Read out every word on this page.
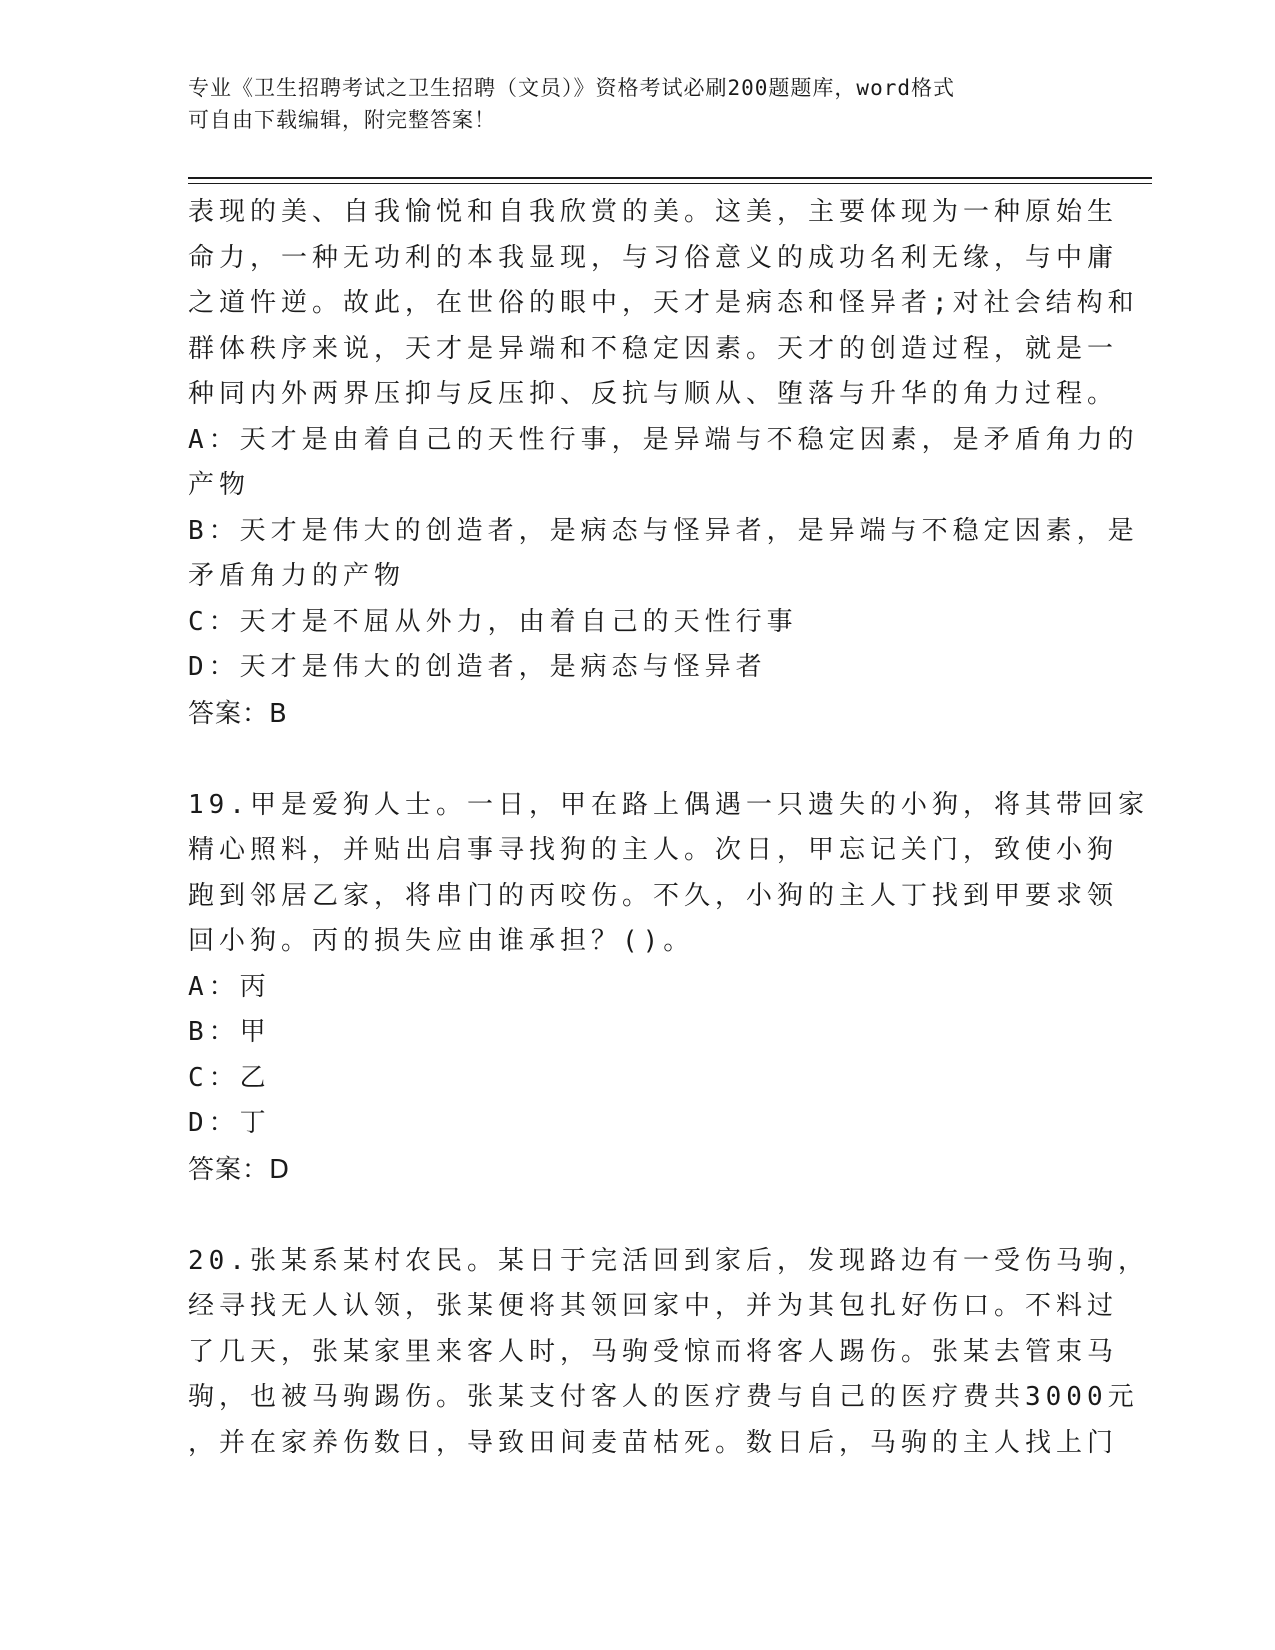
专业《卫生招聘考试之卫生招聘（文员）》资格考试必刷200题题库，word格式
可自由下载编辑，附完整答案！
表现的美、自我愉悦和自我欣赏的美。这美，主要体现为一种原始生
命力，一种无功利的本我显现，与习俗意义的成功名利无缘，与中庸
之道忤逆。故此，在世俗的眼中，天才是病态和怪异者;对社会结构和
群体秩序来说，天才是异端和不稳定因素。天才的创造过程，就是一
种同内外两界压抑与反压抑、反抗与顺从、堕落与升华的角力过程。
A：天才是由着自己的天性行事，是异端与不稳定因素，是矛盾角力的
产物
B：天才是伟大的创造者，是病态与怪异者，是异端与不稳定因素，是
矛盾角力的产物
C：天才是不屈从外力，由着自己的天性行事
D：天才是伟大的创造者，是病态与怪异者
答案：B
19.甲是爱狗人士。一日，甲在路上偶遇一只遗失的小狗，将其带回家
精心照料，并贴出启事寻找狗的主人。次日，甲忘记关门，致使小狗
跑到邻居乙家，将串门的丙咬伤。不久，小狗的主人丁找到甲要求领
回小狗。丙的损失应由谁承担？()。
A：丙
B：甲
C：乙
D：丁
答案：D
20.张某系某村农民。某日于完活回到家后，发现路边有一受伤马驹，
经寻找无人认领，张某便将其领回家中，并为其包扎好伤口。不料过
了几天，张某家里来客人时，马驹受惊而将客人踢伤。张某去管束马
驹，也被马驹踢伤。张某支付客人的医疗费与自己的医疗费共3000元
，并在家养伤数日，导致田间麦苗枯死。数日后，马驹的主人找上门
